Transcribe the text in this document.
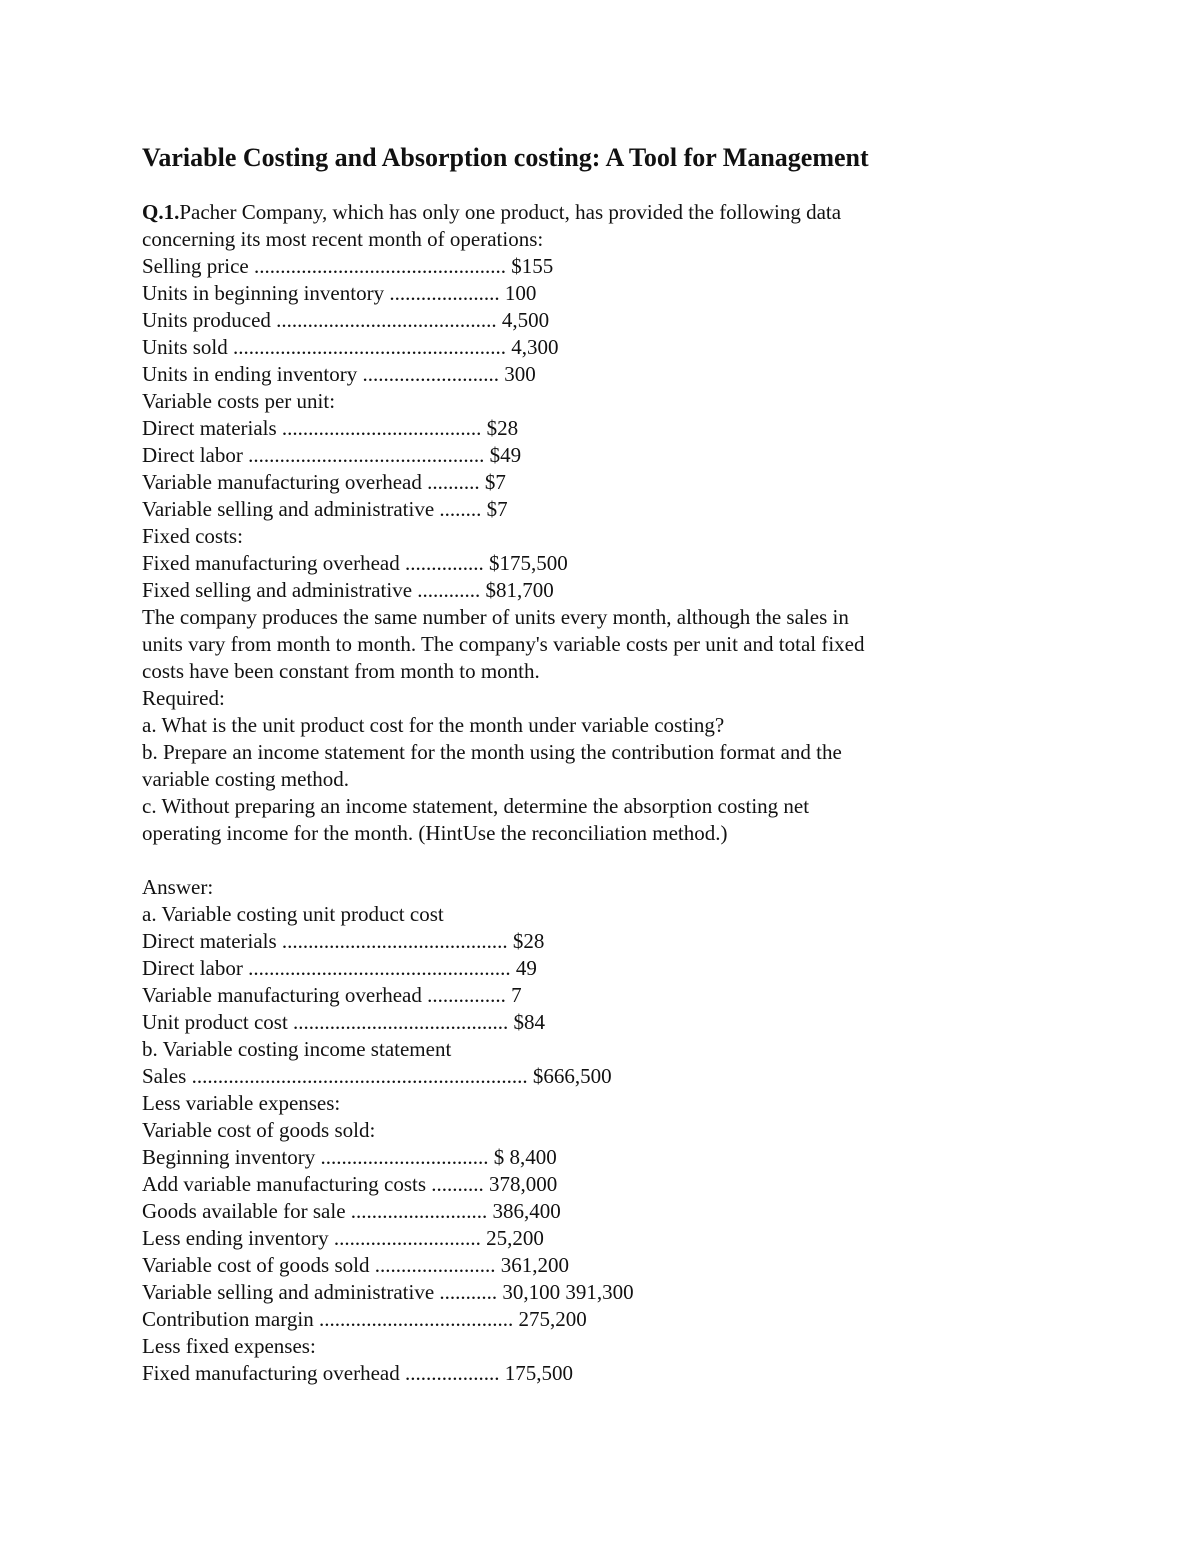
Variable Costing and Absorption costing: A Tool for Management

Q.1.Pacher Company, which has only one product, has provided the following data

concerning its most recent month of operations:

Selling price ................................................ $155

Units in beginning inventory ..................... 100

Units produced .......................................... 4,500

Units sold .................................................... 4,300

Units in ending inventory .......................... 300

Variable costs per unit:

Direct materials ...................................... $28

Direct labor ............................................. $49

Variable manufacturing overhead .......... $7

Variable selling and administrative ........ $7

Fixed costs:

Fixed manufacturing overhead ............... $175,500

Fixed selling and administrative ............ $81,700

The company produces the same number of units every month, although the sales in

units vary from month to month. The company's variable costs per unit and total fixed

costs have been constant from month to month.

Required:

a. What is the unit product cost for the month under variable costing?

b. Prepare an income statement for the month using the contribution format and the

variable costing method.

c. Without preparing an income statement, determine the absorption costing net

operating income for the month. (HintUse the reconciliation method.)

Answer:

a. Variable costing unit product cost

Direct materials ........................................... $28

Direct labor .................................................. 49

Variable manufacturing overhead ............... 7

Unit product cost ......................................... $84

b. Variable costing income statement

Sales ................................................................ $666,500

Less variable expenses:

Variable cost of goods sold:

Beginning inventory ................................ $ 8,400

Add variable manufacturing costs .......... 378,000

Goods available for sale .......................... 386,400

Less ending inventory ............................ 25,200

Variable cost of goods sold ....................... 361,200

Variable selling and administrative ........... 30,100 391,300

Contribution margin ..................................... 275,200

Less fixed expenses:

Fixed manufacturing overhead .................. 175,500
